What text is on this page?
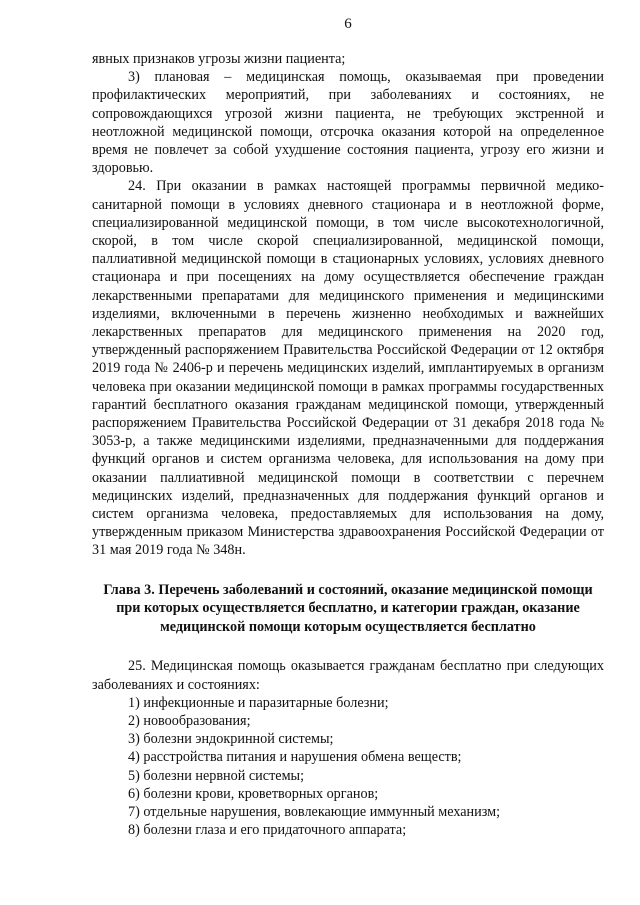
6

явных признаков угрозы жизни пациента;

3) плановая – медицинская помощь, оказываемая при проведении профилактических мероприятий, при заболеваниях и состояниях, не сопровождающихся угрозой жизни пациента, не требующих экстренной и неотложной медицинской помощи, отсрочка оказания которой на определенное время не повлечет за собой ухудшение состояния пациента, угрозу его жизни и здоровью.

24. При оказании в рамках настоящей программы первичной медико-санитарной помощи в условиях дневного стационара и в неотложной форме, специализированной медицинской помощи, в том числе высокотехнологичной, скорой, в том числе скорой специализированной, медицинской помощи, паллиативной медицинской помощи в стационарных условиях, условиях дневного стационара и при посещениях на дому осуществляется обеспечение граждан лекарственными препаратами для медицинского применения и медицинскими изделиями, включенными в перечень жизненно необходимых и важнейших лекарственных препаратов для медицинского применения на 2020 год, утвержденный распоряжением Правительства Российской Федерации от 12 октября 2019 года № 2406-р и перечень медицинских изделий, имплантируемых в организм человека при оказании медицинской помощи в рамках программы государственных гарантий бесплатного оказания гражданам медицинской помощи, утвержденный распоряжением Правительства Российской Федерации от 31 декабря 2018 года № 3053-р, а также медицинскими изделиями, предназначенными для поддержания функций органов и систем организма человека, для использования на дому при оказании паллиативной медицинской помощи в соответствии с перечнем медицинских изделий, предназначенных для поддержания функций органов и систем организма человека, предоставляемых для использования на дому, утвержденным приказом Министерства здравоохранения Российской Федерации от 31 мая 2019 года № 348н.

Глава 3. Перечень заболеваний и состояний, оказание медицинской помощи при которых осуществляется бесплатно, и категории граждан, оказание медицинской помощи которым осуществляется бесплатно

25. Медицинская помощь оказывается гражданам бесплатно при следующих заболеваниях и состояниях:

1) инфекционные и паразитарные болезни;
2) новообразования;
3) болезни эндокринной системы;
4) расстройства питания и нарушения обмена веществ;
5) болезни нервной системы;
6) болезни крови, кроветворных органов;
7) отдельные нарушения, вовлекающие иммунный механизм;
8) болезни глаза и его придаточного аппарата;
